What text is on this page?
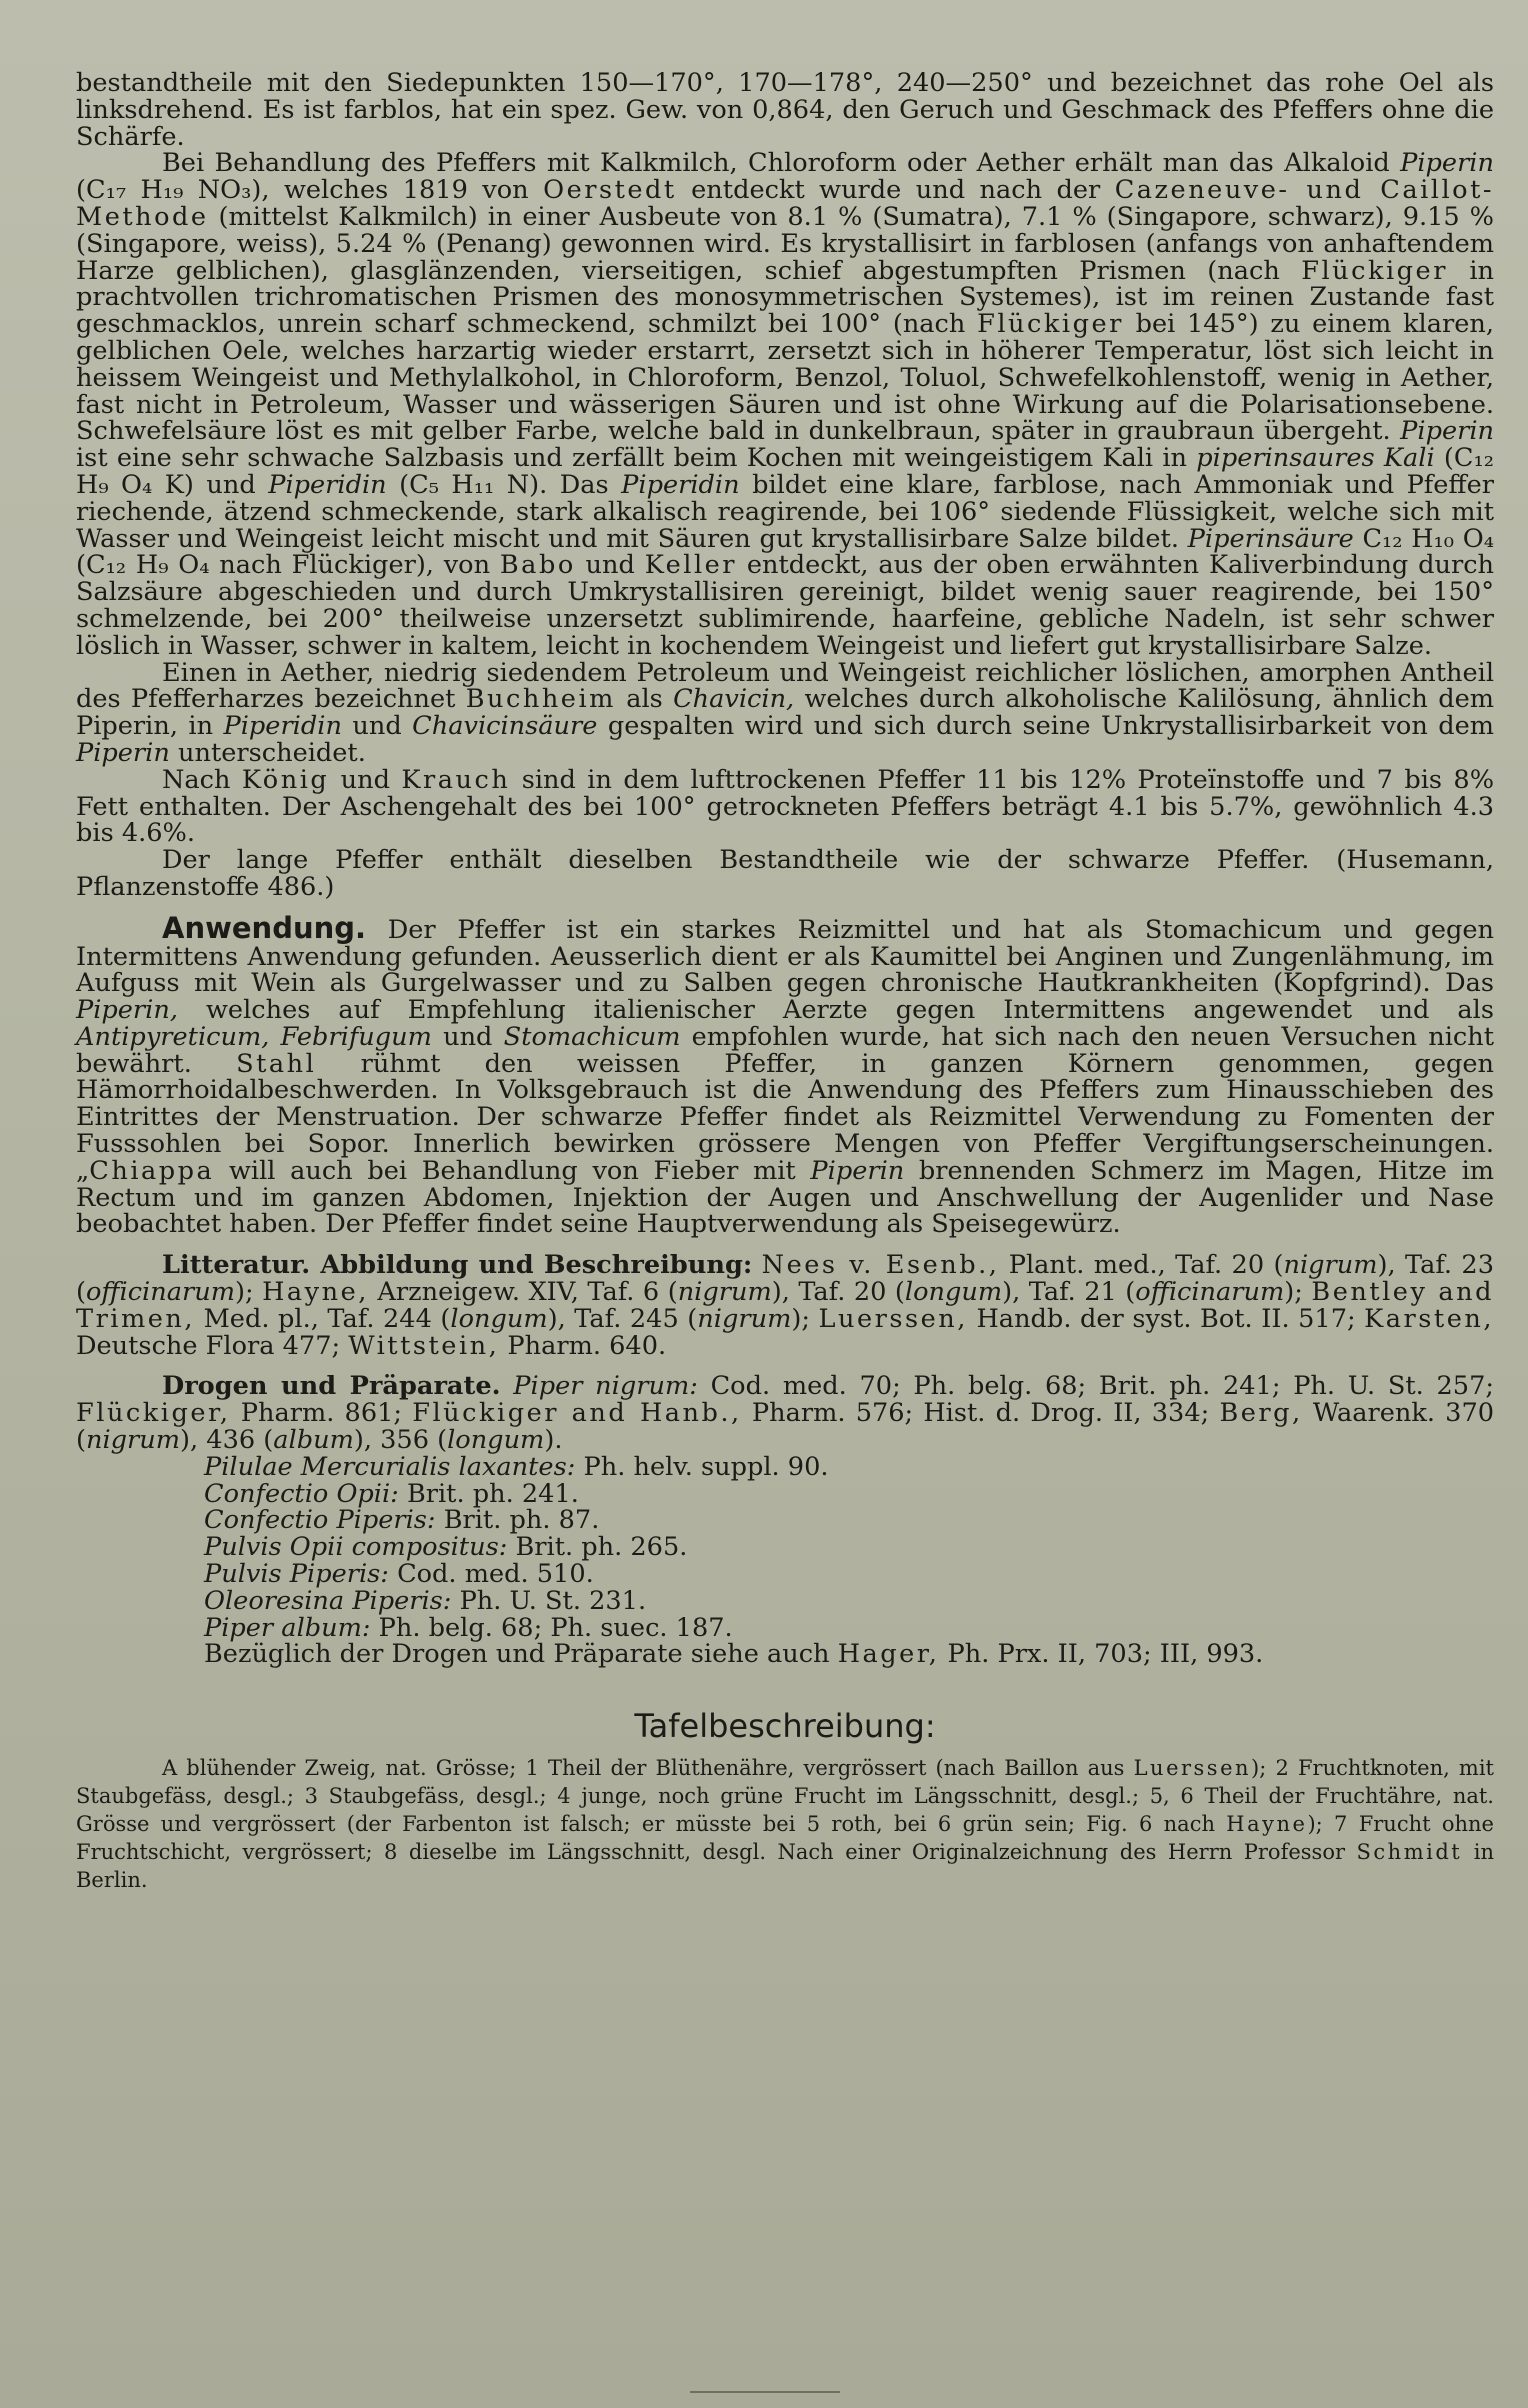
bestandtheile mit den Siedepunkten 150—170°, 170—178°, 240—250° und bezeichnet das rohe Oel als linksdrehend. Es ist farblos, hat ein spez. Gew. von 0,864, den Geruch und Geschmack des Pfeffers ohne die Schärfe.

Bei Behandlung des Pfeffers mit Kalkmilch, Chloroform oder Aether erhält man das Alkaloid Piperin (C₁₇ H₁₉ NO₃), welches 1819 von Oerstedt entdeckt wurde und nach der Cazeneuve- und Caillot-Methode (mittelst Kalkmilch) in einer Ausbeute von 8.1 % (Sumatra), 7.1 % (Singapore, schwarz), 9.15 % (Singapore, weiss), 5.24 % (Penang) gewonnen wird. Es krystallisirt in farblosen (anfangs von anhaftendem Harze gelblichen), glasglänzenden, vierseitigen, schief abgestumpften Prismen (nach Flückiger in prachtvollen trichromatischen Prismen des monosymmetrischen Systemes), ist im reinen Zustande fast geschmacklos, unrein scharf schmeckend, schmilzt bei 100° (nach Flückiger bei 145°) zu einem klaren, gelblichen Oele, welches harzartig wieder erstarrt, zersetzt sich in höherer Temperatur, löst sich leicht in heissem Weingeist und Methylalkohol, in Chloroform, Benzol, Toluol, Schwefelkohlenstoff, wenig in Aether, fast nicht in Petroleum, Wasser und wässerigen Säuren und ist ohne Wirkung auf die Polarisationsebene. Schwefelsäure löst es mit gelber Farbe, welche bald in dunkelbraun, später in graubraun übergeht. Piperin ist eine sehr schwache Salzbasis und zerfällt beim Kochen mit weingeistigem Kali in piperinsaures Kali (C₁₂ H₉ O₄ K) und Piperidin (C₅ H₁₁ N). Das Piperidin bildet eine klare, farblose, nach Ammoniak und Pfeffer riechende, ätzend schmeckende, stark alkalisch reagirende, bei 106° siedende Flüssigkeit, welche sich mit Wasser und Weingeist leicht mischt und mit Säuren gut krystallisirbare Salze bildet. Piperinsäure C₁₂ H₁₀ O₄ (C₁₂ H₉ O₄ nach Flückiger), von Babo und Keller entdeckt, aus der oben erwähnten Kaliverbindung durch Salzsäure abgeschieden und durch Umkrystallisiren gereinigt, bildet wenig sauer reagirende, bei 150° schmelzende, bei 200° theilweise unzersetzt sublimirende, haarfeine, gebliche Nadeln, ist sehr schwer löslich in Wasser, schwer in kaltem, leicht in kochendem Weingeist und liefert gut krystallisirbare Salze.

Einen in Aether, niedrig siedendem Petroleum und Weingeist reichlicher löslichen, amorphen Antheil des Pfefferharzes bezeichnet Buchheim als Chavicin, welches durch alkoholische Kalilösung, ähnlich dem Piperin, in Piperidin und Chavicinsäure gespalten wird und sich durch seine Unkrystallisirbarkeit von dem Piperin unterscheidet.

Nach König und Krauch sind in dem lufttrockenen Pfeffer 11 bis 12% Proteïnstoffe und 7 bis 8% Fett enthalten. Der Aschengehalt des bei 100° getrockneten Pfeffers beträgt 4.1 bis 5.7%, gewöhnlich 4.3 bis 4.6%.

Der lange Pfeffer enthält dieselben Bestandtheile wie der schwarze Pfeffer. (Husemann, Pflanzenstoffe 486.)

Anwendung. Der Pfeffer ist ein starkes Reizmittel und hat als Stomachicum und gegen Intermittens Anwendung gefunden. Aeusserlich dient er als Kaumittel bei Anginen und Zungenlähmung, im Aufguss mit Wein als Gurgelwasser und zu Salben gegen chronische Hautkrankheiten (Kopfgrind). Das Piperin, welches auf Empfehlung italienischer Aerzte gegen Intermittens angewendet und als Antipyreticum, Febrifugum und Stomachicum empfohlen wurde, hat sich nach den neuen Versuchen nicht bewährt. Stahl rühmt den weissen Pfeffer, in ganzen Körnern genommen, gegen Hämorrhoidalbeschwerden. In Volksgebrauch ist die Anwendung des Pfeffers zum Hinausschieben des Eintrittes der Menstruation. Der schwarze Pfeffer findet als Reizmittel Verwendung zu Fomenten der Fusssohlen bei Sopor. Innerlich bewirken grössere Mengen von Pfeffer Vergiftungserscheinungen. „Chiappa will auch bei Behandlung von Fieber mit Piperin brennenden Schmerz im Magen, Hitze im Rectum und im ganzen Abdomen, Injektion der Augen und Anschwellung der Augenlider und Nase beobachtet haben. Der Pfeffer findet seine Hauptverwendung als Speisegewürz.

Litteratur. Abbildung und Beschreibung: Nees v. Esenb., Plant. med., Taf. 20 (nigrum), Taf. 23 (officinarum); Hayne, Arzneigew. XIV, Taf. 6 (nigrum), Taf. 20 (longum), Taf. 21 (officinarum); Bentley and Trimen, Med. pl., Taf. 244 (longum), Taf. 245 (nigrum); Luerssen, Handb. der syst. Bot. II. 517; Karsten, Deutsche Flora 477; Wittstein, Pharm. 640.

Drogen und Präparate. Piper nigrum: Cod. med. 70; Ph. belg. 68; Brit. ph. 241; Ph. U. St. 257; Flückiger, Pharm. 861; Flückiger and Hanb., Pharm. 576; Hist. d. Drog. II, 334; Berg, Waarenk. 370 (nigrum), 436 (album), 356 (longum).

Pilulae Mercurialis laxantes: Ph. helv. suppl. 90.

Confectio Opii: Brit. ph. 241.

Confectio Piperis: Brit. ph. 87.

Pulvis Opii compositus: Brit. ph. 265.

Pulvis Piperis: Cod. med. 510.

Oleoresina Piperis: Ph. U. St. 231.

Piper album: Ph. belg. 68; Ph. suec. 187.

Bezüglich der Drogen und Präparate siehe auch Hager, Ph. Prx. II, 703; III, 993.

Tafelbeschreibung:

A blühender Zweig, nat. Grösse; 1 Theil der Blüthenähre, vergrössert (nach Baillon aus Luerssen); 2 Fruchtknoten, mit Staubgefäss, desgl.; 3 Staubgefäss, desgl.; 4 junge, noch grüne Frucht im Längsschnitt, desgl.; 5, 6 Theil der Fruchtähre, nat. Grösse und vergrössert (der Farbenton ist falsch; er müsste bei 5 roth, bei 6 grün sein; Fig. 6 nach Hayne); 7 Frucht ohne Fruchtschicht, vergrössert; 8 dieselbe im Längsschnitt, desgl. Nach einer Originalzeichnung des Herrn Professor Schmidt in Berlin.
